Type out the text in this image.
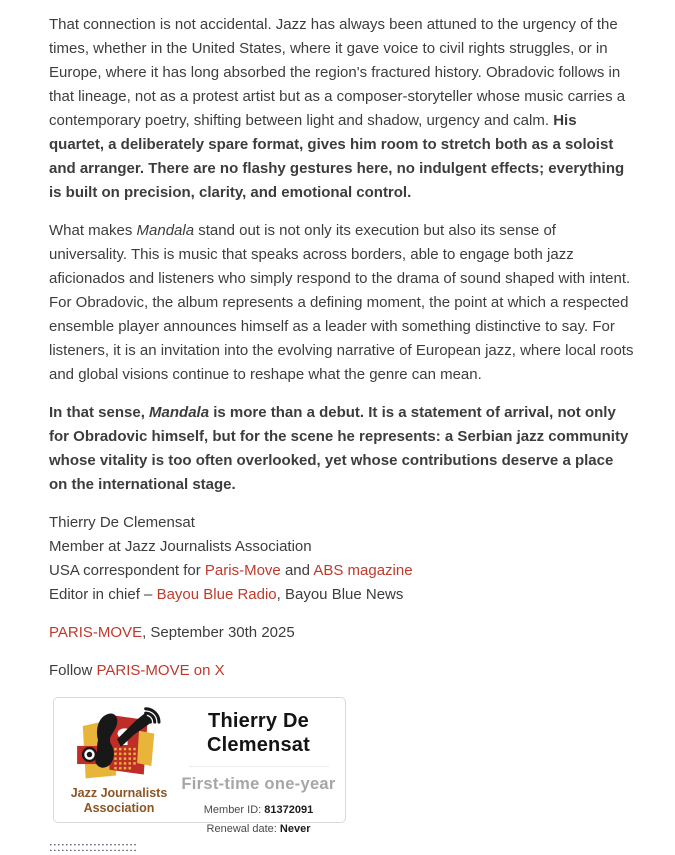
That connection is not accidental. Jazz has always been attuned to the urgency of the times, whether in the United States, where it gave voice to civil rights struggles, or in Europe, where it has long absorbed the region's fractured history. Obradovic follows in that lineage, not as a protest artist but as a composer-storyteller whose music carries a contemporary poetry, shifting between light and shadow, urgency and calm. His quartet, a deliberately spare format, gives him room to stretch both as a soloist and arranger. There are no flashy gestures here, no indulgent effects; everything is built on precision, clarity, and emotional control.

What makes Mandala stand out is not only its execution but also its sense of universality. This is music that speaks across borders, able to engage both jazz aficionados and listeners who simply respond to the drama of sound shaped with intent. For Obradovic, the album represents a defining moment, the point at which a respected ensemble player announces himself as a leader with something distinctive to say. For listeners, it is an invitation into the evolving narrative of European jazz, where local roots and global visions continue to reshape what the genre can mean.

In that sense, Mandala is more than a debut. It is a statement of arrival, not only for Obradovic himself, but for the scene he represents: a Serbian jazz community whose vitality is too often overlooked, yet whose contributions deserve a place on the international stage.

Thierry De Clemensat
Member at Jazz Journalists Association
USA correspondent for Paris-Move and ABS magazine
Editor in chief – Bayou Blue Radio, Bayou Blue News

PARIS-MOVE, September 30th 2025

Follow PARIS-MOVE on X

Jazz Journalists Association
Thierry De Clemensat
First-time one-year
Member ID: 81372091
Renewal date: Never
::::::::::::::::::::::
